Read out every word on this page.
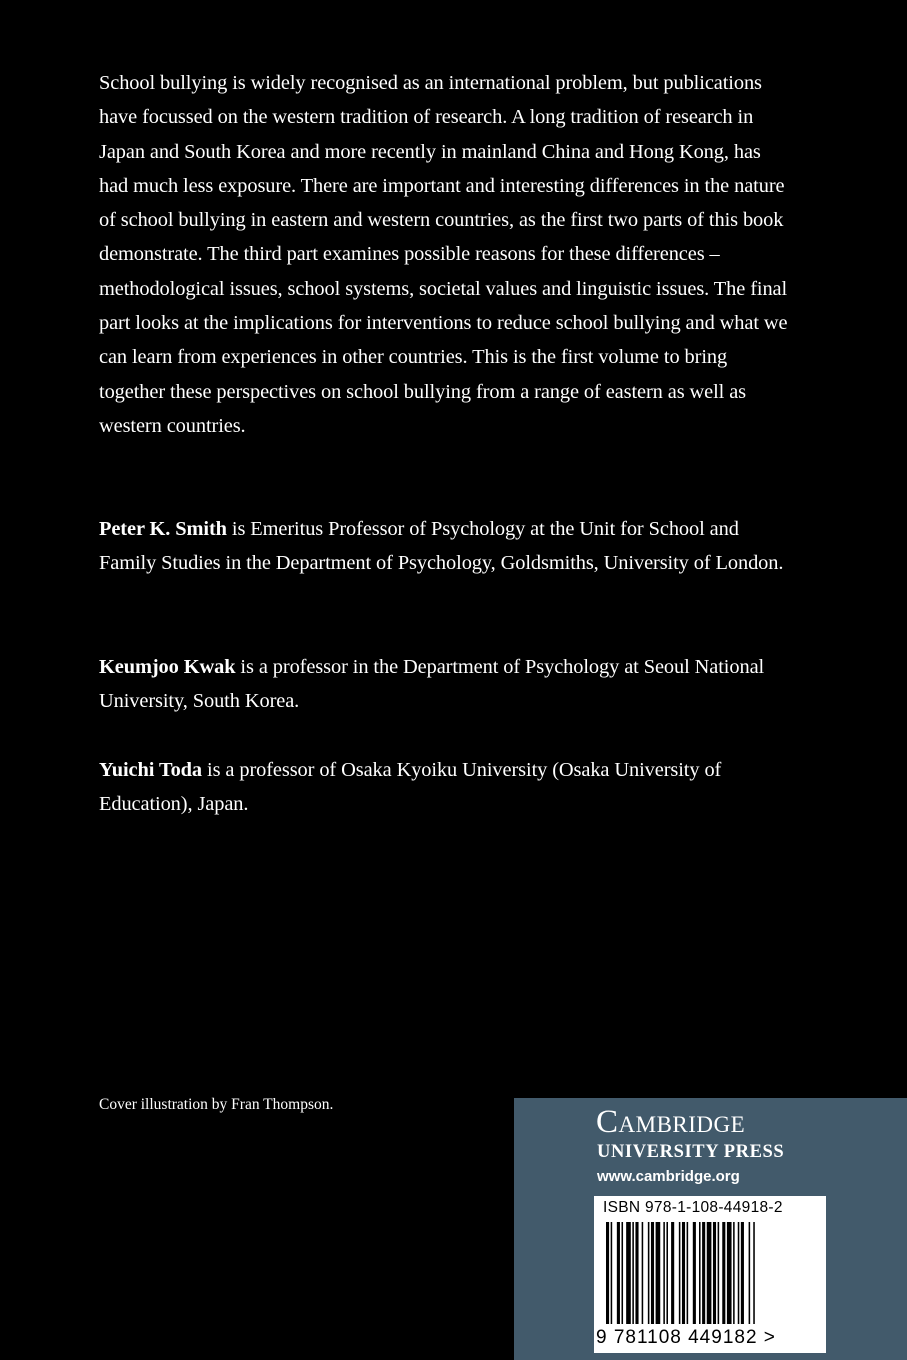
School bullying is widely recognised as an international problem, but publications have focussed on the western tradition of research. A long tradition of research in Japan and South Korea and more recently in mainland China and Hong Kong, has had much less exposure. There are important and interesting differences in the nature of school bullying in eastern and western countries, as the first two parts of this book demonstrate. The third part examines possible reasons for these differences – methodological issues, school systems, societal values and linguistic issues. The final part looks at the implications for interventions to reduce school bullying and what we can learn from experiences in other countries. This is the first volume to bring together these perspectives on school bullying from a range of eastern as well as western countries.

Peter K. Smith is Emeritus Professor of Psychology at the Unit for School and Family Studies in the Department of Psychology, Goldsmiths, University of London.

Keumjoo Kwak is a professor in the Department of Psychology at Seoul National University, South Korea.

Yuichi Toda is a professor of Osaka Kyoiku University (Osaka University of Education), Japan.

Cover illustration by Fran Thompson.	Cambridge
UNIVERSITY PRESS
www.cambridge.org
ISBN 978-1-108-44918-2
9 781108 449182 >
